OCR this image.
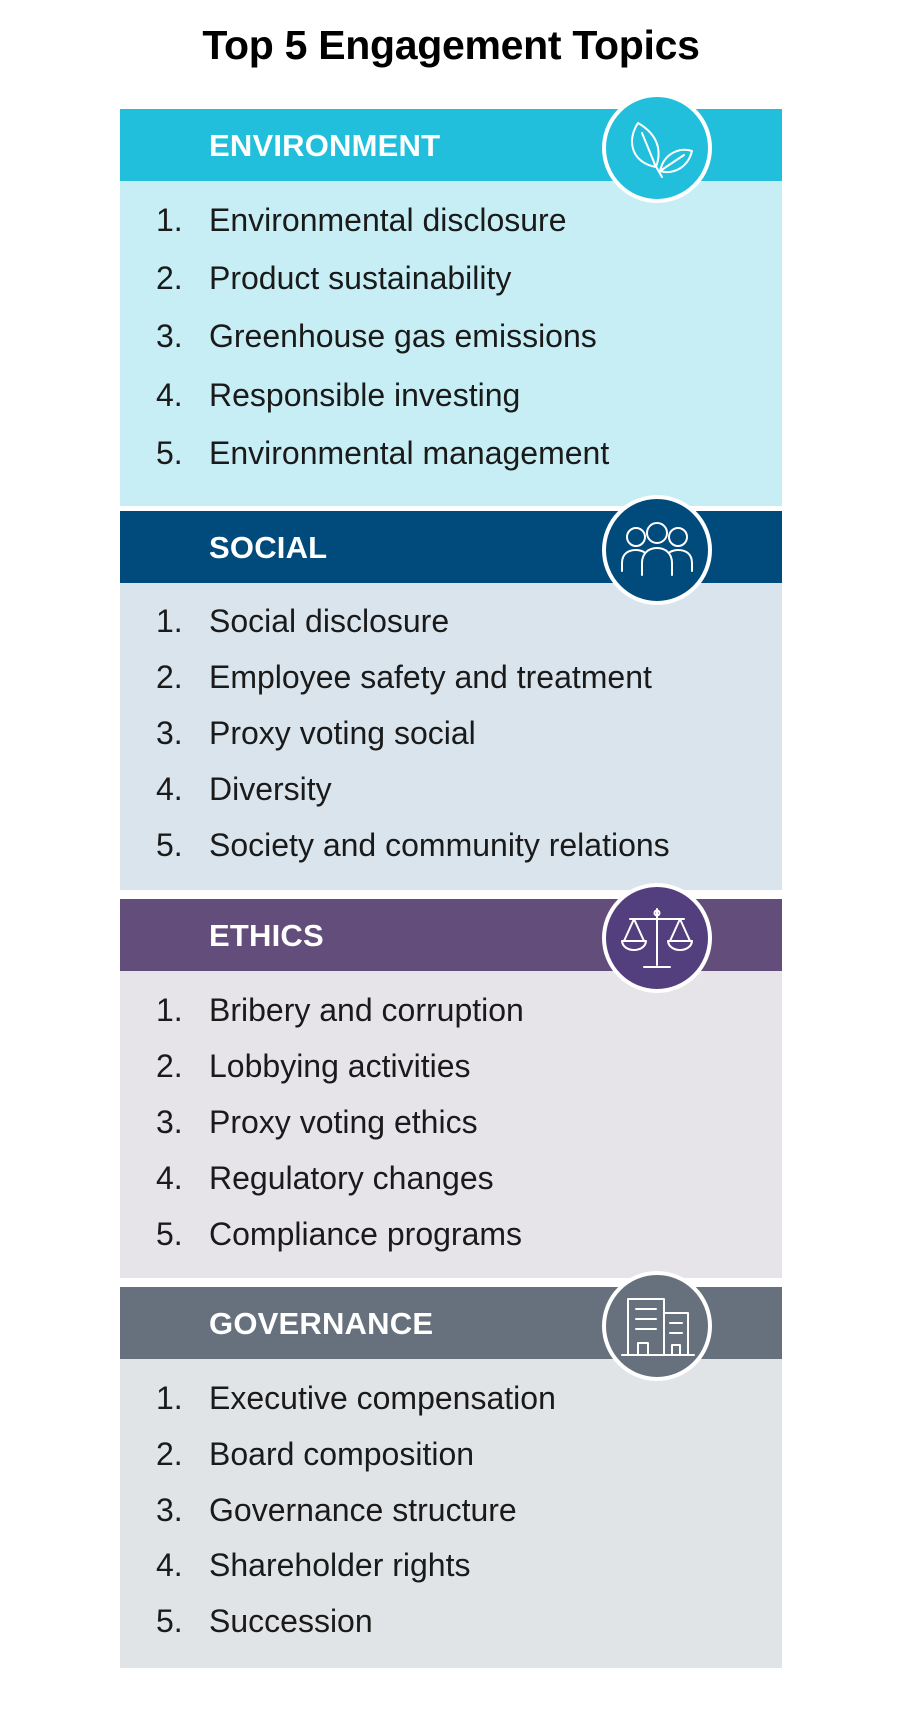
Top 5 Engagement Topics
ENVIRONMENT
1. Environmental disclosure
2. Product sustainability
3. Greenhouse gas emissions
4. Responsible investing
5. Environmental management
SOCIAL
1. Social disclosure
2. Employee safety and treatment
3. Proxy voting social
4. Diversity
5. Society and community relations
ETHICS
1. Bribery and corruption
2. Lobbying activities
3. Proxy voting ethics
4. Regulatory changes
5. Compliance programs
GOVERNANCE
1. Executive compensation
2. Board composition
3. Governance structure
4. Shareholder rights
5. Succession
